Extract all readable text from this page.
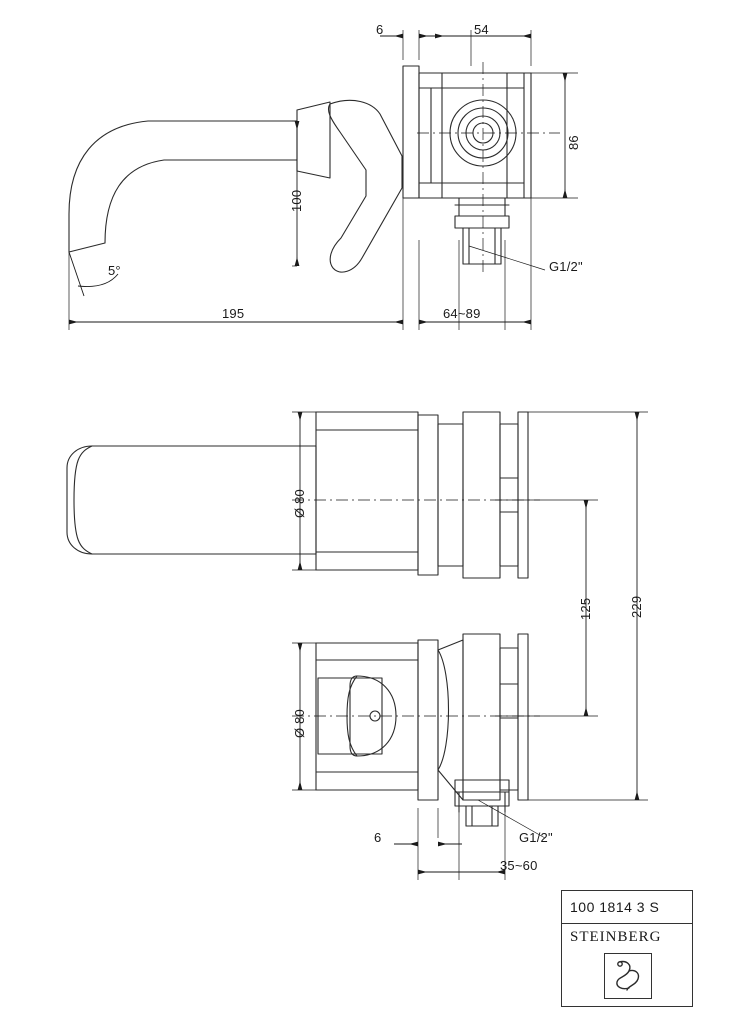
6	54
86
100
195	64~89
5°	G1/2"
Ø 80
Ø 80
125	229
6	G1/2"
35~60
100 1814 3 S
STEINBERG
